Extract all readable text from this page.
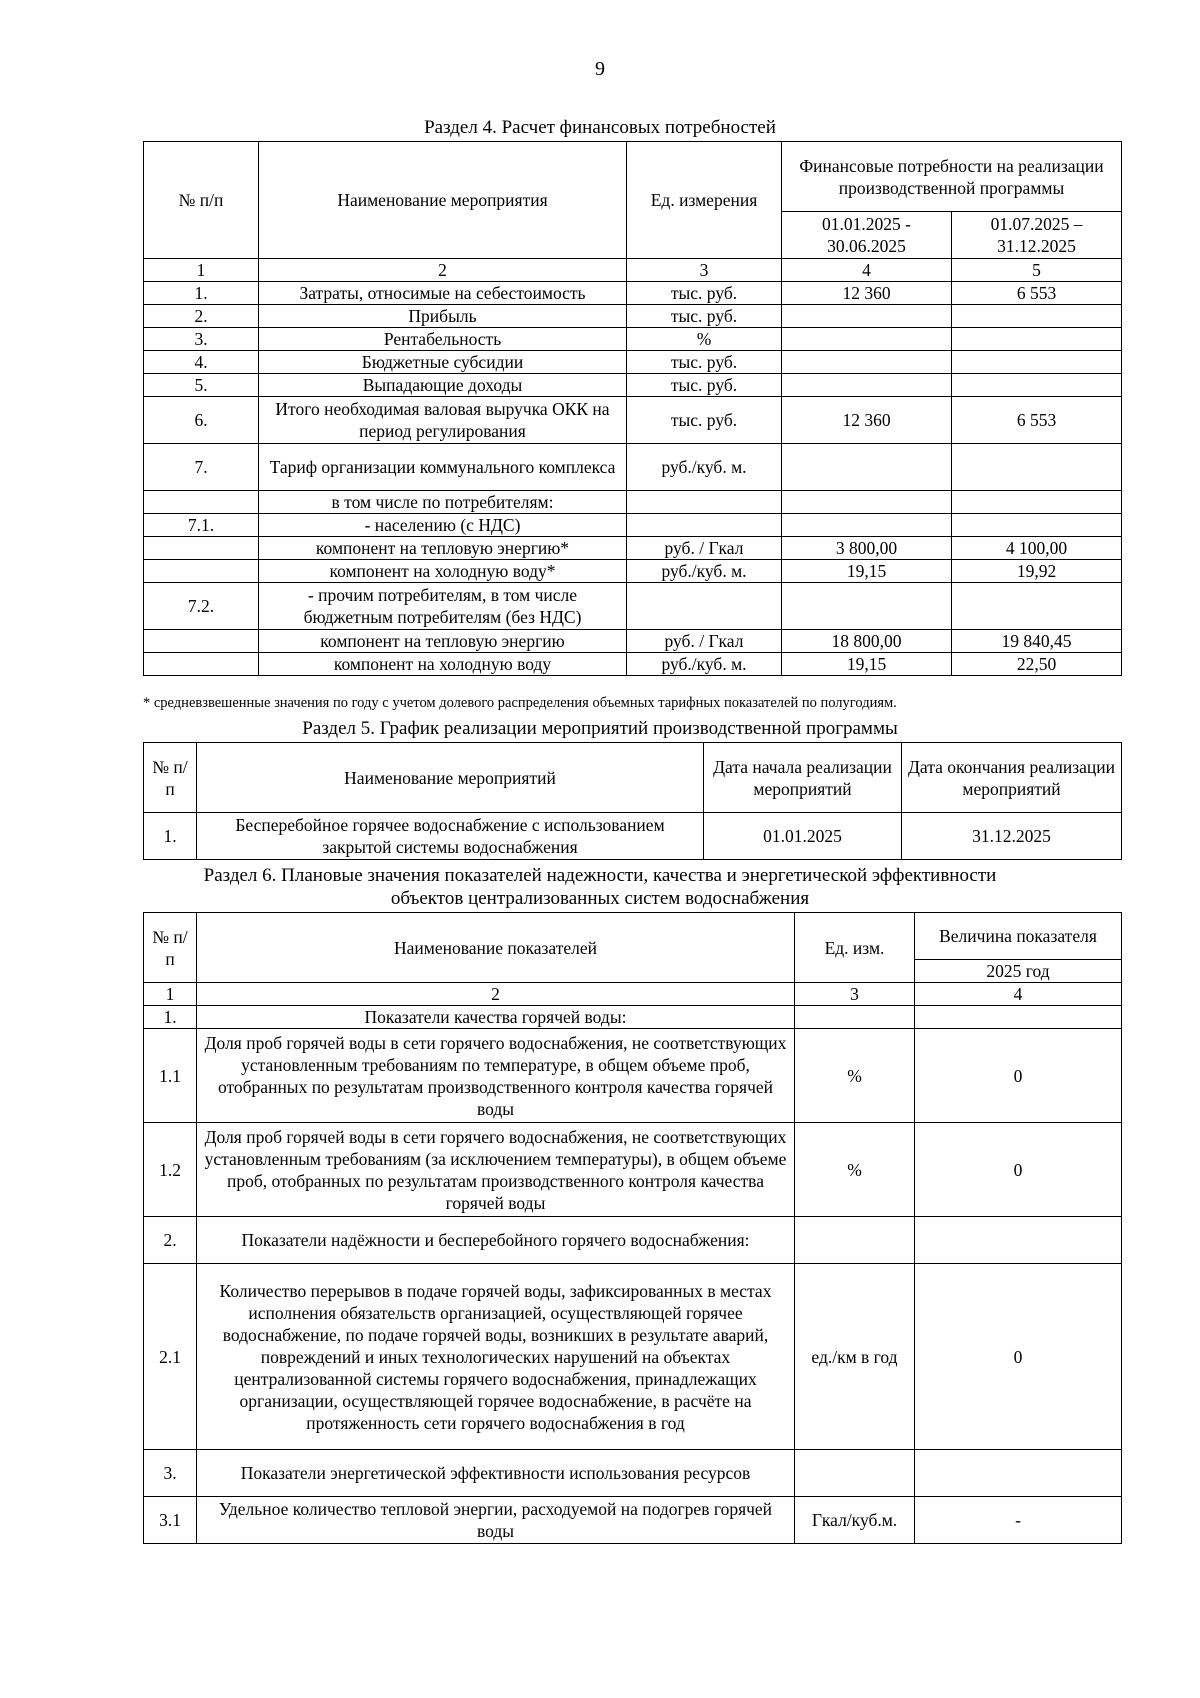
9
Раздел 4. Расчет финансовых потребностей
№ п/п	Наименование мероприятия	Ед. измерения	Финансовые потребности на реализации производственной программы	
			01.01.2025 - 30.06.2025	01.07.2025 – 31.12.2025
1	2	3	4	5
1.	Затраты, относимые на себестоимость	тыс. руб.	12 360	6 553
2.	Прибыль	тыс. руб.		
3.	Рентабельность	%		
4.	Бюджетные субсидии	тыс. руб.		
5.	Выпадающие доходы	тыс. руб.		
6.	Итого необходимая валовая выручка ОКК на период регулирования	тыс. руб.	12 360	6 553
7.	Тариф организации коммунального комплекса	руб./куб. м.		
	в том числе по потребителям:			
7.1.	- населению (с НДС)			
	компонент на тепловую энергию*	руб. / Гкал	3 800,00	4 100,00
	компонент на холодную воду*	руб./куб. м.	19,15	19,92
7.2.	- прочим потребителям, в том числе бюджетным потребителям (без НДС)			
	компонент на тепловую энергию	руб. / Гкал	18 800,00	19 840,45
	компонент на холодную воду	руб./куб. м.	19,15	22,50
* средневзвешенные значения по году с учетом долевого распределения объемных тарифных показателей по полугодиям.
Раздел 5. График реализации мероприятий производственной программы
№ п/п	Наименование мероприятий	Дата начала реализации мероприятий	Дата окончания реализации мероприятий
1.	Бесперебойное горячее водоснабжение с использованием закрытой системы водоснабжения	01.01.2025	31.12.2025
Раздел 6. Плановые значения показателей надежности, качества и энергетической эффективности
объектов централизованных систем водоснабжения
№ п/п	Наименование показателей	Ед. изм.	Величина показателя
			2025 год
1	2	3	4
1.	Показатели качества горячей воды:		
1.1	Доля проб горячей воды в сети горячего водоснабжения, не соответствующих установленным требованиям по температуре, в общем объеме проб, отобранных по результатам производственного контроля качества горячей воды	%	0
1.2	Доля проб горячей воды в сети горячего водоснабжения, не соответствующих установленным требованиям (за исключением температуры), в общем объеме проб, отобранных по результатам производственного контроля качества горячей воды	%	0
2.	Показатели надёжности и бесперебойного горячего водоснабжения:		
2.1	Количество перерывов в подаче горячей воды, зафиксированных в местах исполнения обязательств организацией, осуществляющей горячее водоснабжение, по подаче горячей воды, возникших в результате аварий, повреждений и иных технологических нарушений на объектах централизованной системы горячего водоснабжения, принадлежащих организации, осуществляющей горячее водоснабжение, в расчёте на протяженность сети горячего водоснабжения в год	ед./км в год	0
3.	Показатели энергетической эффективности использования ресурсов		
3.1	Удельное количество тепловой энергии, расходуемой на подогрев горячей воды	Гкал/куб.м.	-
